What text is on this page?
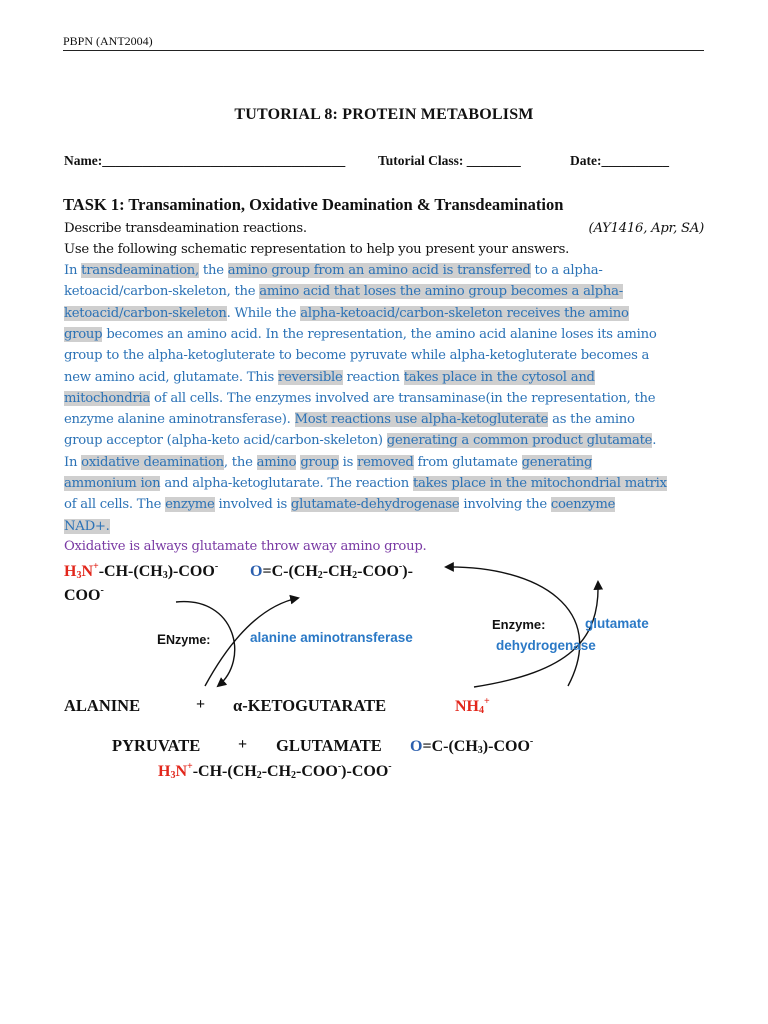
PBPN (ANT2004)
TUTORIAL 8: PROTEIN METABOLISM
Name:____________________________________ Tutorial Class: ________	Date:__________
TASK 1: Transamination, Oxidative Deamination & Transdeamination
Describe transdeamination reactions.	(AY1416, Apr, SA)
Use the following schematic representation to help you present your answers.
In transdeamination, the amino group from an amino acid is transferred to a alpha-
ketoacid/carbon-skeleton, the amino acid that loses the amino group becomes a alpha-
ketoacid/carbon-skeleton. While the alpha-ketoacid/carbon-skeleton receives the amino
group becomes an amino acid. In the representation, the amino acid alanine loses its amino
group to the alpha-ketogluterate to become pyruvate while alpha-ketogluterate becomes a
new amino acid, glutamate. This reversible reaction takes place in the cytosol and
mitochondria of all cells. The enzymes involved are transaminase(in the representation, the
enzyme alanine aminotransferase). Most reactions use alpha-ketogluterate as the amino
group acceptor (alpha-keto acid/carbon-skeleton) generating a common product glutamate.
In oxidative deamination, the amino group is removed from glutamate generating
ammonium ion and alpha-ketoglutarate. The reaction takes place in the mitochondrial matrix
of all cells. The enzyme involved is glutamate-dehydrogenase involving the coenzyme
NAD+.
Oxidative is always glutamate throw away amino group.
$H_3N^+-CH-(CH_3)-COO^-$ $O=C-(CH_2-CH_2-COO^-)-$
COO-
ENzyme:	alanine aminotransferase
Enzyme:	glutamate
dehydrogenase
ALANINE	+ α-KETOGUTARATE	$NH_4^+$
PYRUVATE + GLUTAMATE $O=C-(CH_3)-COO^-$
$H_3N^+-CH-(CH_2-CH_2-COO^-)-COO^-$
